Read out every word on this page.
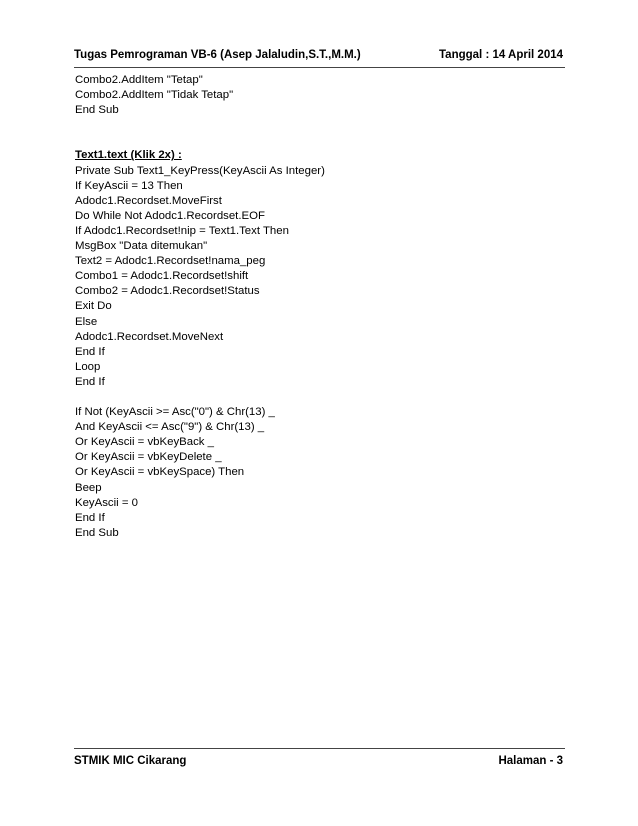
Tugas Pemrograman VB-6 (Asep Jalaludin,S.T.,M.M.)	Tanggal : 14 April 2014
Combo2.AddItem "Tetap"
Combo2.AddItem "Tidak Tetap"
End Sub
Text1.text (Klik 2x) :
Private Sub Text1_KeyPress(KeyAscii As Integer)
If KeyAscii = 13 Then
Adodc1.Recordset.MoveFirst
Do While Not Adodc1.Recordset.EOF
If Adodc1.Recordset!nip = Text1.Text Then
MsgBox "Data ditemukan"
Text2 = Adodc1.Recordset!nama_peg
Combo1 = Adodc1.Recordset!shift
Combo2 = Adodc1.Recordset!Status
Exit Do
Else
Adodc1.Recordset.MoveNext
End If
Loop
End If
If Not (KeyAscii >= Asc("0") & Chr(13) _
And KeyAscii <= Asc("9") & Chr(13) _
Or KeyAscii = vbKeyBack _
Or KeyAscii = vbKeyDelete _
Or KeyAscii = vbKeySpace) Then
Beep
KeyAscii = 0
End If
End Sub
STMIK MIC Cikarang	Halaman - 3
